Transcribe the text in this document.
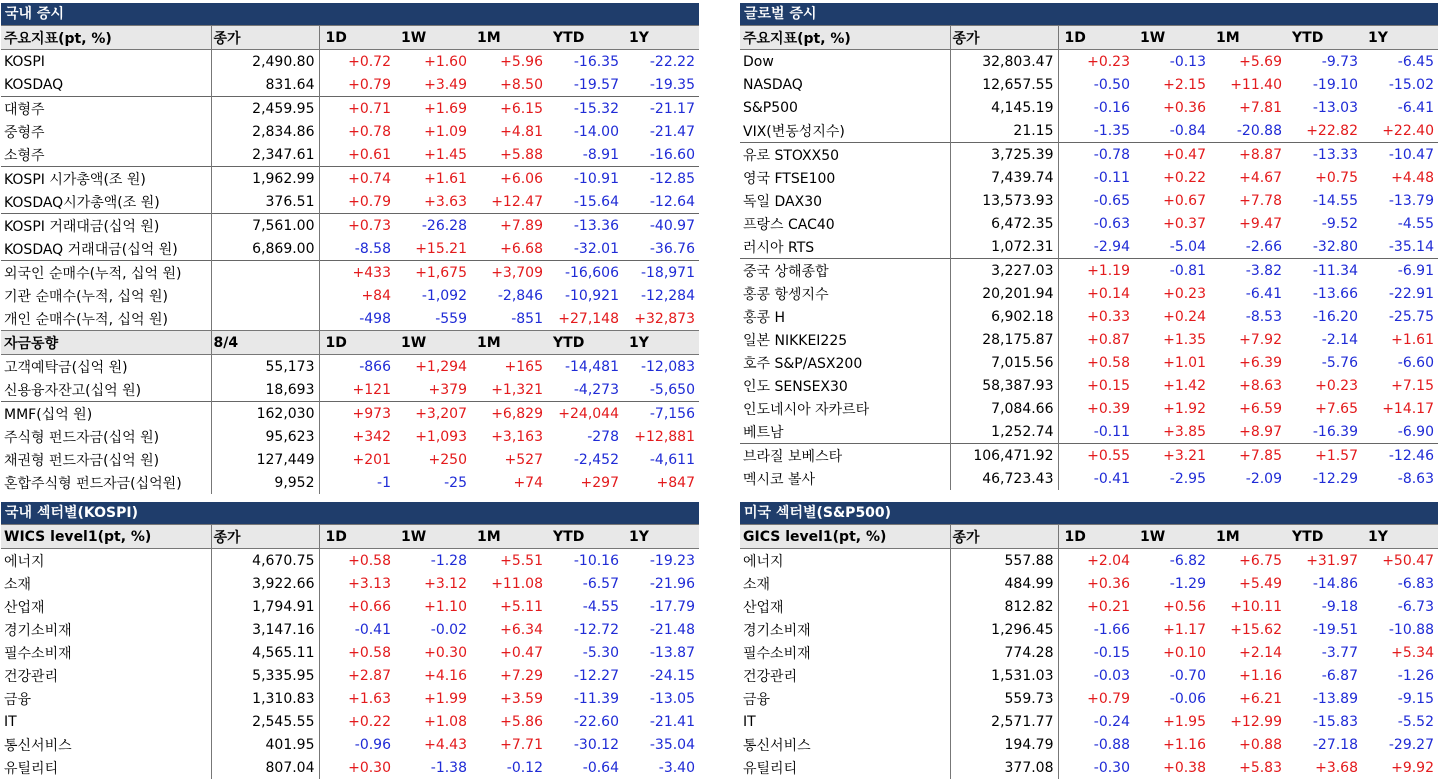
국내 증시
주요지표(pt, %)	종가	1D	1W	1M	YTD	1Y
KOSPI	2,490.80	+0.72	+1.60	+5.96	-16.35	-22.22
KOSDAQ	831.64	+0.79	+3.49	+8.50	-19.57	-19.35
대형주	2,459.95	+0.71	+1.69	+6.15	-15.32	-21.17
중형주	2,834.86	+0.78	+1.09	+4.81	-14.00	-21.47
소형주	2,347.61	+0.61	+1.45	+5.88	-8.91	-16.60
KOSPI 시가총액(조 원)	1,962.99	+0.74	+1.61	+6.06	-10.91	-12.85
KOSDAQ시가총액(조 원)	376.51	+0.79	+3.63	+12.47	-15.64	-12.64
KOSPI 거래대금(십억 원)	7,561.00	+0.73	-26.28	+7.89	-13.36	-40.97
KOSDAQ 거래대금(십억 원)	6,869.00	-8.58	+15.21	+6.68	-32.01	-36.76
외국인 순매수(누적, 십억 원)		+433	+1,675	+3,709	-16,606	-18,971
기관 순매수(누적, 십억 원)		+84	-1,092	-2,846	-10,921	-12,284
개인 순매수(누적, 십억 원)		-498	-559	-851	+27,148	+32,873
자금동향	8/4	1D	1W	1M	YTD	1Y
고객예탁금(십억 원)	55,173	-866	+1,294	+165	-14,481	-12,083
신용융자잔고(십억 원)	18,693	+121	+379	+1,321	-4,273	-5,650
MMF(십억 원)	162,030	+973	+3,207	+6,829	+24,044	-7,156
주식형 펀드자금(십억 원)	95,623	+342	+1,093	+3,163	-278	+12,881
채권형 펀드자금(십억 원)	127,449	+201	+250	+527	-2,452	-4,611
혼합주식형 펀드자금(십억원)	9,952	-1	-25	+74	+297	+847
글로벌 증시
주요지표(pt, %)	종가	1D	1W	1M	YTD	1Y
Dow	32,803.47	+0.23	-0.13	+5.69	-9.73	-6.45
NASDAQ	12,657.55	-0.50	+2.15	+11.40	-19.10	-15.02
S&P500	4,145.19	-0.16	+0.36	+7.81	-13.03	-6.41
VIX(변동성지수)	21.15	-1.35	-0.84	-20.88	+22.82	+22.40
유로 STOXX50	3,725.39	-0.78	+0.47	+8.87	-13.33	-10.47
영국 FTSE100	7,439.74	-0.11	+0.22	+4.67	+0.75	+4.48
독일 DAX30	13,573.93	-0.65	+0.67	+7.78	-14.55	-13.79
프랑스 CAC40	6,472.35	-0.63	+0.37	+9.47	-9.52	-4.55
러시아 RTS	1,072.31	-2.94	-5.04	-2.66	-32.80	-35.14
중국 상해종합	3,227.03	+1.19	-0.81	-3.82	-11.34	-6.91
홍콩 항셍지수	20,201.94	+0.14	+0.23	-6.41	-13.66	-22.91
홍콩 H	6,902.18	+0.33	+0.24	-8.53	-16.20	-25.75
일본 NIKKEI225	28,175.87	+0.87	+1.35	+7.92	-2.14	+1.61
호주 S&P/ASX200	7,015.56	+0.58	+1.01	+6.39	-5.76	-6.60
인도 SENSEX30	58,387.93	+0.15	+1.42	+8.63	+0.23	+7.15
인도네시아 자카르타	7,084.66	+0.39	+1.92	+6.59	+7.65	+14.17
베트남	1,252.74	-0.11	+3.85	+8.97	-16.39	-6.90
브라질 보베스타	106,471.92	+0.55	+3.21	+7.85	+1.57	-12.46
멕시코 볼사	46,723.43	-0.41	-2.95	-2.09	-12.29	-8.63
국내 섹터별(KOSPI)
WICS level1(pt, %)	종가	1D	1W	1M	YTD	1Y
에너지	4,670.75	+0.58	-1.28	+5.51	-10.16	-19.23
소재	3,922.66	+3.13	+3.12	+11.08	-6.57	-21.96
산업재	1,794.91	+0.66	+1.10	+5.11	-4.55	-17.79
경기소비재	3,147.16	-0.41	-0.02	+6.34	-12.72	-21.48
필수소비재	4,565.11	+0.58	+0.30	+0.47	-5.30	-13.87
건강관리	5,335.95	+2.87	+4.16	+7.29	-12.27	-24.15
금융	1,310.83	+1.63	+1.99	+3.59	-11.39	-13.05
IT	2,545.55	+0.22	+1.08	+5.86	-22.60	-21.41
통신서비스	401.95	-0.96	+4.43	+7.71	-30.12	-35.04
유틸리티	807.04	+0.30	-1.38	-0.12	-0.64	-3.40
미국 섹터별(S&P500)
GICS level1(pt, %)	종가	1D	1W	1M	YTD	1Y
에너지	557.88	+2.04	-6.82	+6.75	+31.97	+50.47
소재	484.99	+0.36	-1.29	+5.49	-14.86	-6.83
산업재	812.82	+0.21	+0.56	+10.11	-9.18	-6.73
경기소비재	1,296.45	-1.66	+1.17	+15.62	-19.51	-10.88
필수소비재	774.28	-0.15	+0.10	+2.14	-3.77	+5.34
건강관리	1,531.03	-0.03	-0.70	+1.16	-6.87	-1.26
금융	559.73	+0.79	-0.06	+6.21	-13.89	-9.15
IT	2,571.77	-0.24	+1.95	+12.99	-15.83	-5.52
통신서비스	194.79	-0.88	+1.16	+0.88	-27.18	-29.27
유틸리티	377.08	-0.30	+0.38	+5.83	+3.68	+9.92
